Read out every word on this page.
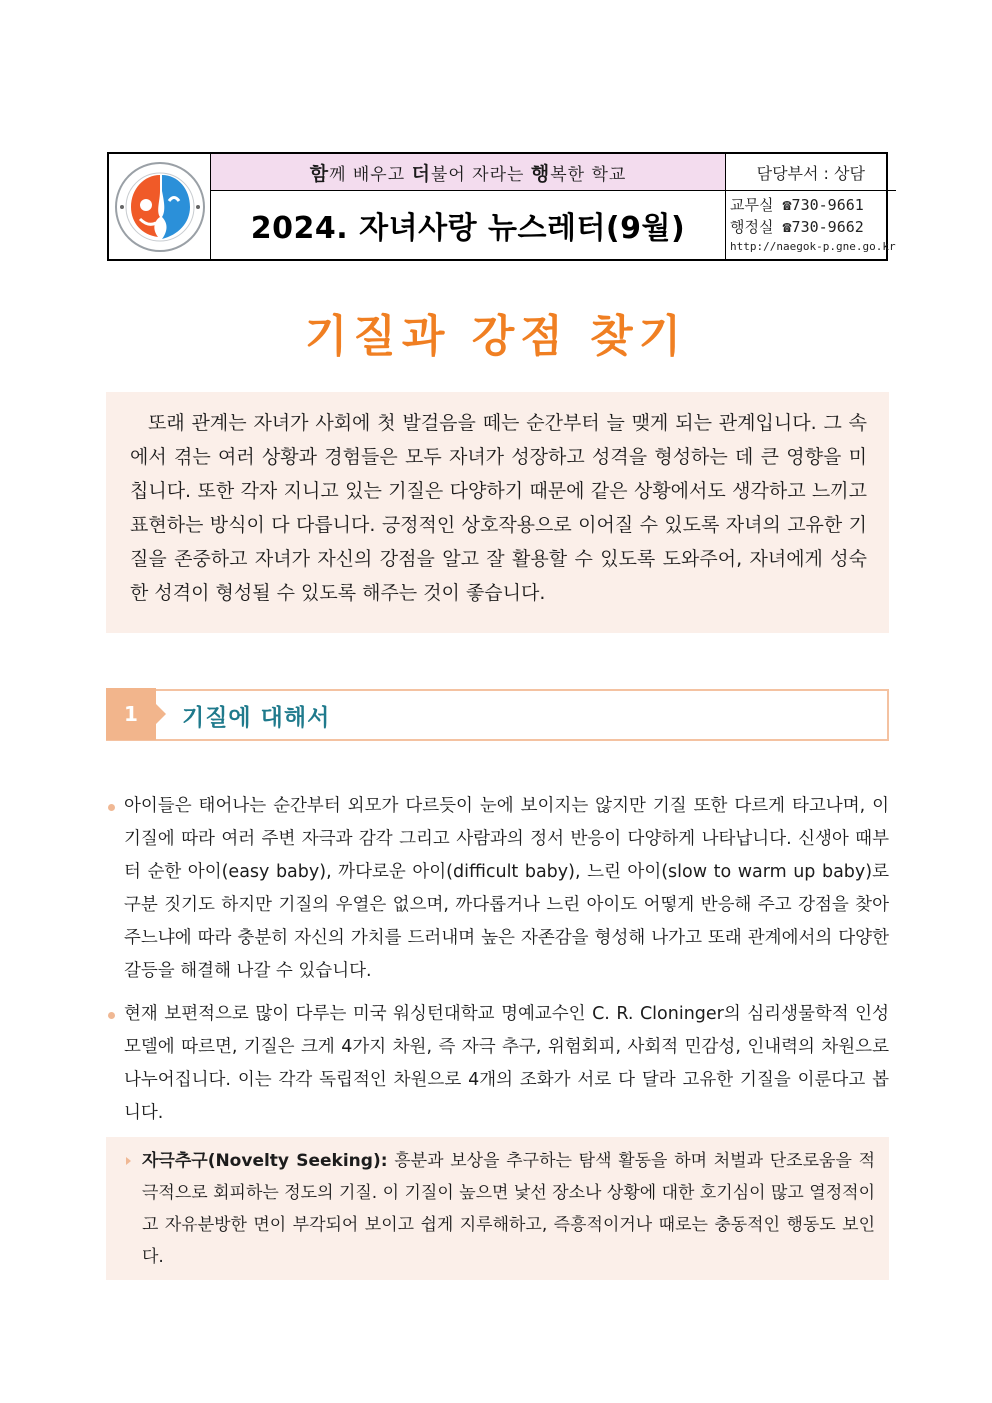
함 께 배우고 더 불어 자라는 행 복한 학교
2024. 자녀사랑 뉴스레터(9월)
담당부서 : 상담
교무실 ☎730-9661
행정실 ☎730-9662
http://naegok-p.gne.go.kr
기질과 강점 찾기

또래 관계는 자녀가 사회에 첫 발걸음을 떼는 순간부터 늘 맺게 되는 관계입니다. 그 속에서 겪는 여러 상황과 경험들은 모두 자녀가 성장하고 성격을 형성하는 데 큰 영향을 미칩니다. 또한 각자 지니고 있는 기질은 다양하기 때문에 같은 상황에서도 생각하고 느끼고 표현하는 방식이 다 다릅니다. 긍정적인 상호작용으로 이어질 수 있도록 자녀의 고유한 기질을 존중하고 자녀가 자신의 강점을 알고 잘 활용할 수 있도록 도와주어, 자녀에게 성숙한 성격이 형성될 수 있도록 해주는 것이 좋습니다.

1	기질에 대해서

아이들은 태어나는 순간부터 외모가 다르듯이 눈에 보이지는 않지만 기질 또한 다르게 타고나며, 이 기질에 따라 여러 주변 자극과 감각 그리고 사람과의 정서 반응이 다양하게 나타납니다. 신생아 때부터 순한 아이(easy baby), 까다로운 아이(difficult baby), 느린 아이(slow to warm up baby)로 구분 짓기도 하지만 기질의 우열은 없으며, 까다롭거나 느린 아이도 어떻게 반응해 주고 강점을 찾아주느냐에 따라 충분히 자신의 가치를 드러내며 높은 자존감을 형성해 나가고 또래 관계에서의 다양한 갈등을 해결해 나갈 수 있습니다.

현재 보편적으로 많이 다루는 미국 워싱턴대학교 명예교수인 C. R. Cloninger의 심리생물학적 인성 모델에 따르면, 기질은 크게 4가지 차원, 즉 자극 추구, 위험회피, 사회적 민감성, 인내력의 차원으로 나누어집니다. 이는 각각 독립적인 차원으로 4개의 조화가 서로 다 달라 고유한 기질을 이룬다고 봅니다.

자극추구(Novelty Seeking): 흥분과 보상을 추구하는 탐색 활동을 하며 처벌과 단조로움을 적극적으로 회피하는 정도의 기질. 이 기질이 높으면 낯선 장소나 상황에 대한 호기심이 많고 열정적이고 자유분방한 면이 부각되어 보이고 쉽게 지루해하고, 즉흥적이거나 때로는 충동적인 행동도 보인다.
